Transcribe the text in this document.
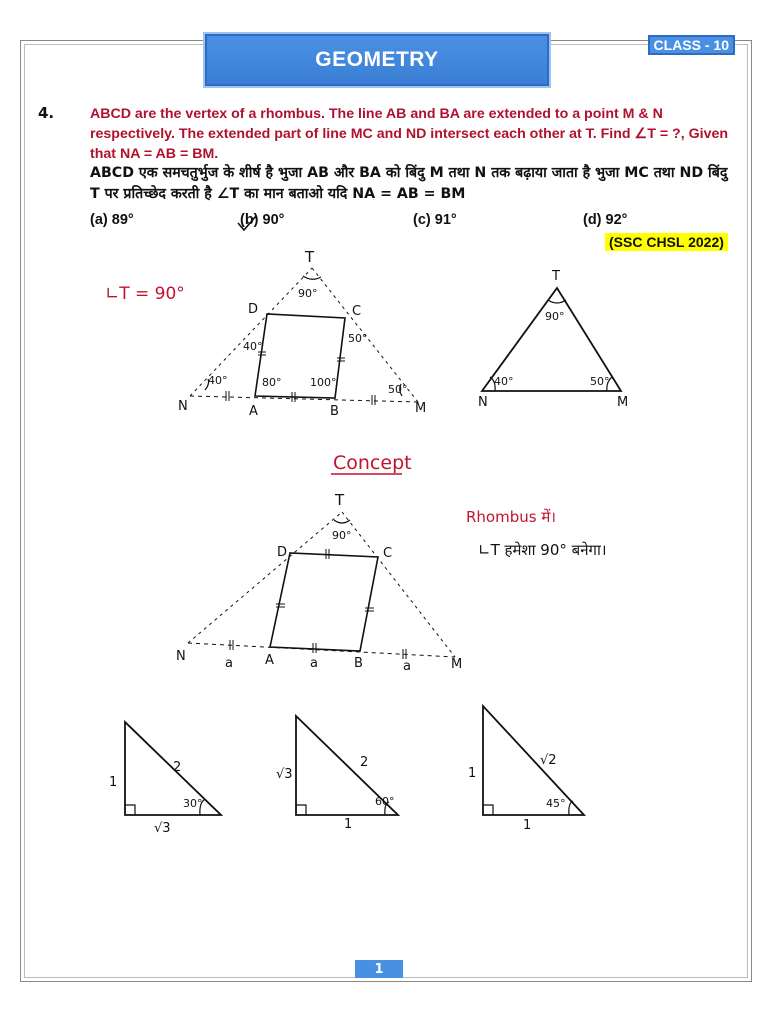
GEOMETRY
CLASS - 10
4.	ABCD are the vertex of a rhombus. The line AB and BA are extended to a point M & N respectively. The extended part of line MC and ND intersect each other at T. Find ∠T = ?, Given that NA = AB = BM.
ABCD एक समचतुर्भुज के शीर्ष है भुजा AB और BA को बिंदु M तथा N तक बढ़ाया जाता है भुजा MC तथा ND बिंदु T पर प्रतिच्छेद करती है ∠T का मान बताओ यदि NA = AB = BM
(a) 89°	(b) 90°	(c) 91°	(d) 92°
(SSC CHSL 2022)
∟T = 90°
T
90°
D	C
40°
50°
40°	80°	100°
50°
N	A	B	M
T
90°
40°	50°
N	M
Concept
Rhombus में।
∟T हमेशा 90° बनेगा।
T
90°
D	C
N	a A	a	B	a	M
1
2
√3
30°
√3
2
1
60°
1
√2
1
45°
1
